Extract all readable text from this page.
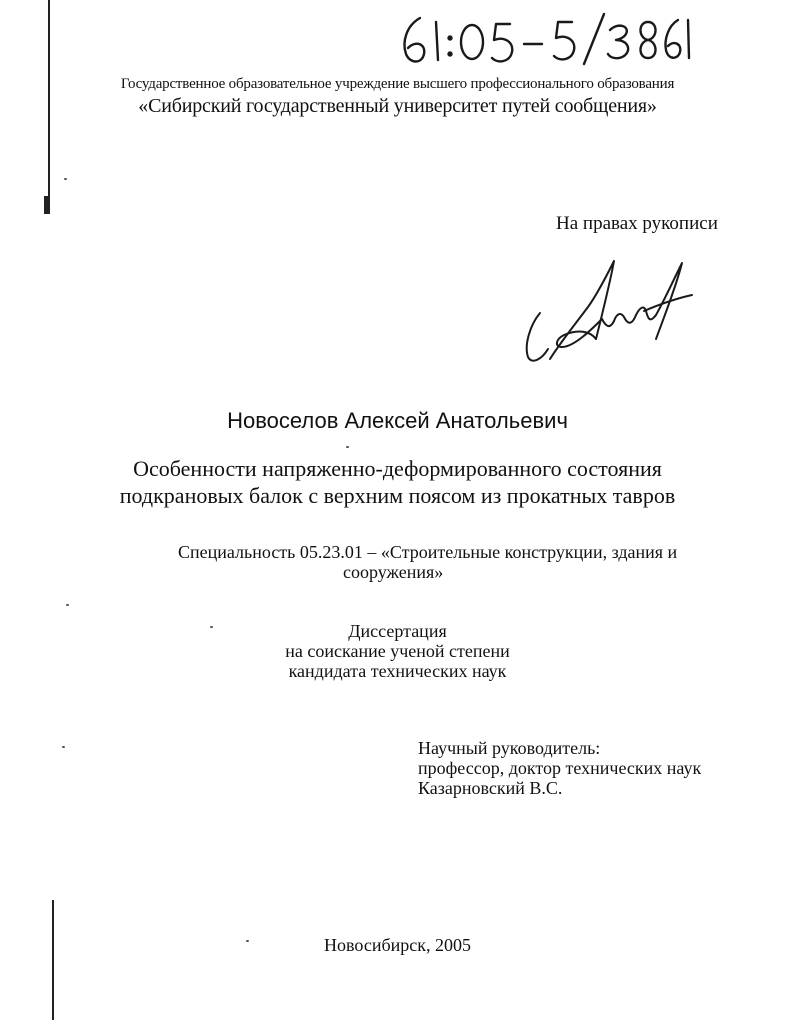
Государственное образовательное учреждение высшего профессионального образования
«Сибирский государственный университет путей сообщения»
На правах рукописи
Новоселов Алексей Анатольевич
Особенности напряженно-деформированного состояния
подкрановых балок с верхним поясом из прокатных тавров
Специальность 05.23.01 – «Строительные конструкции, здания и
сооружения»
Диссертация
на соискание ученой степени
кандидата технических наук
Научный руководитель:
профессор, доктор технических наук
Казарновский В.С.
Новосибирск, 2005
